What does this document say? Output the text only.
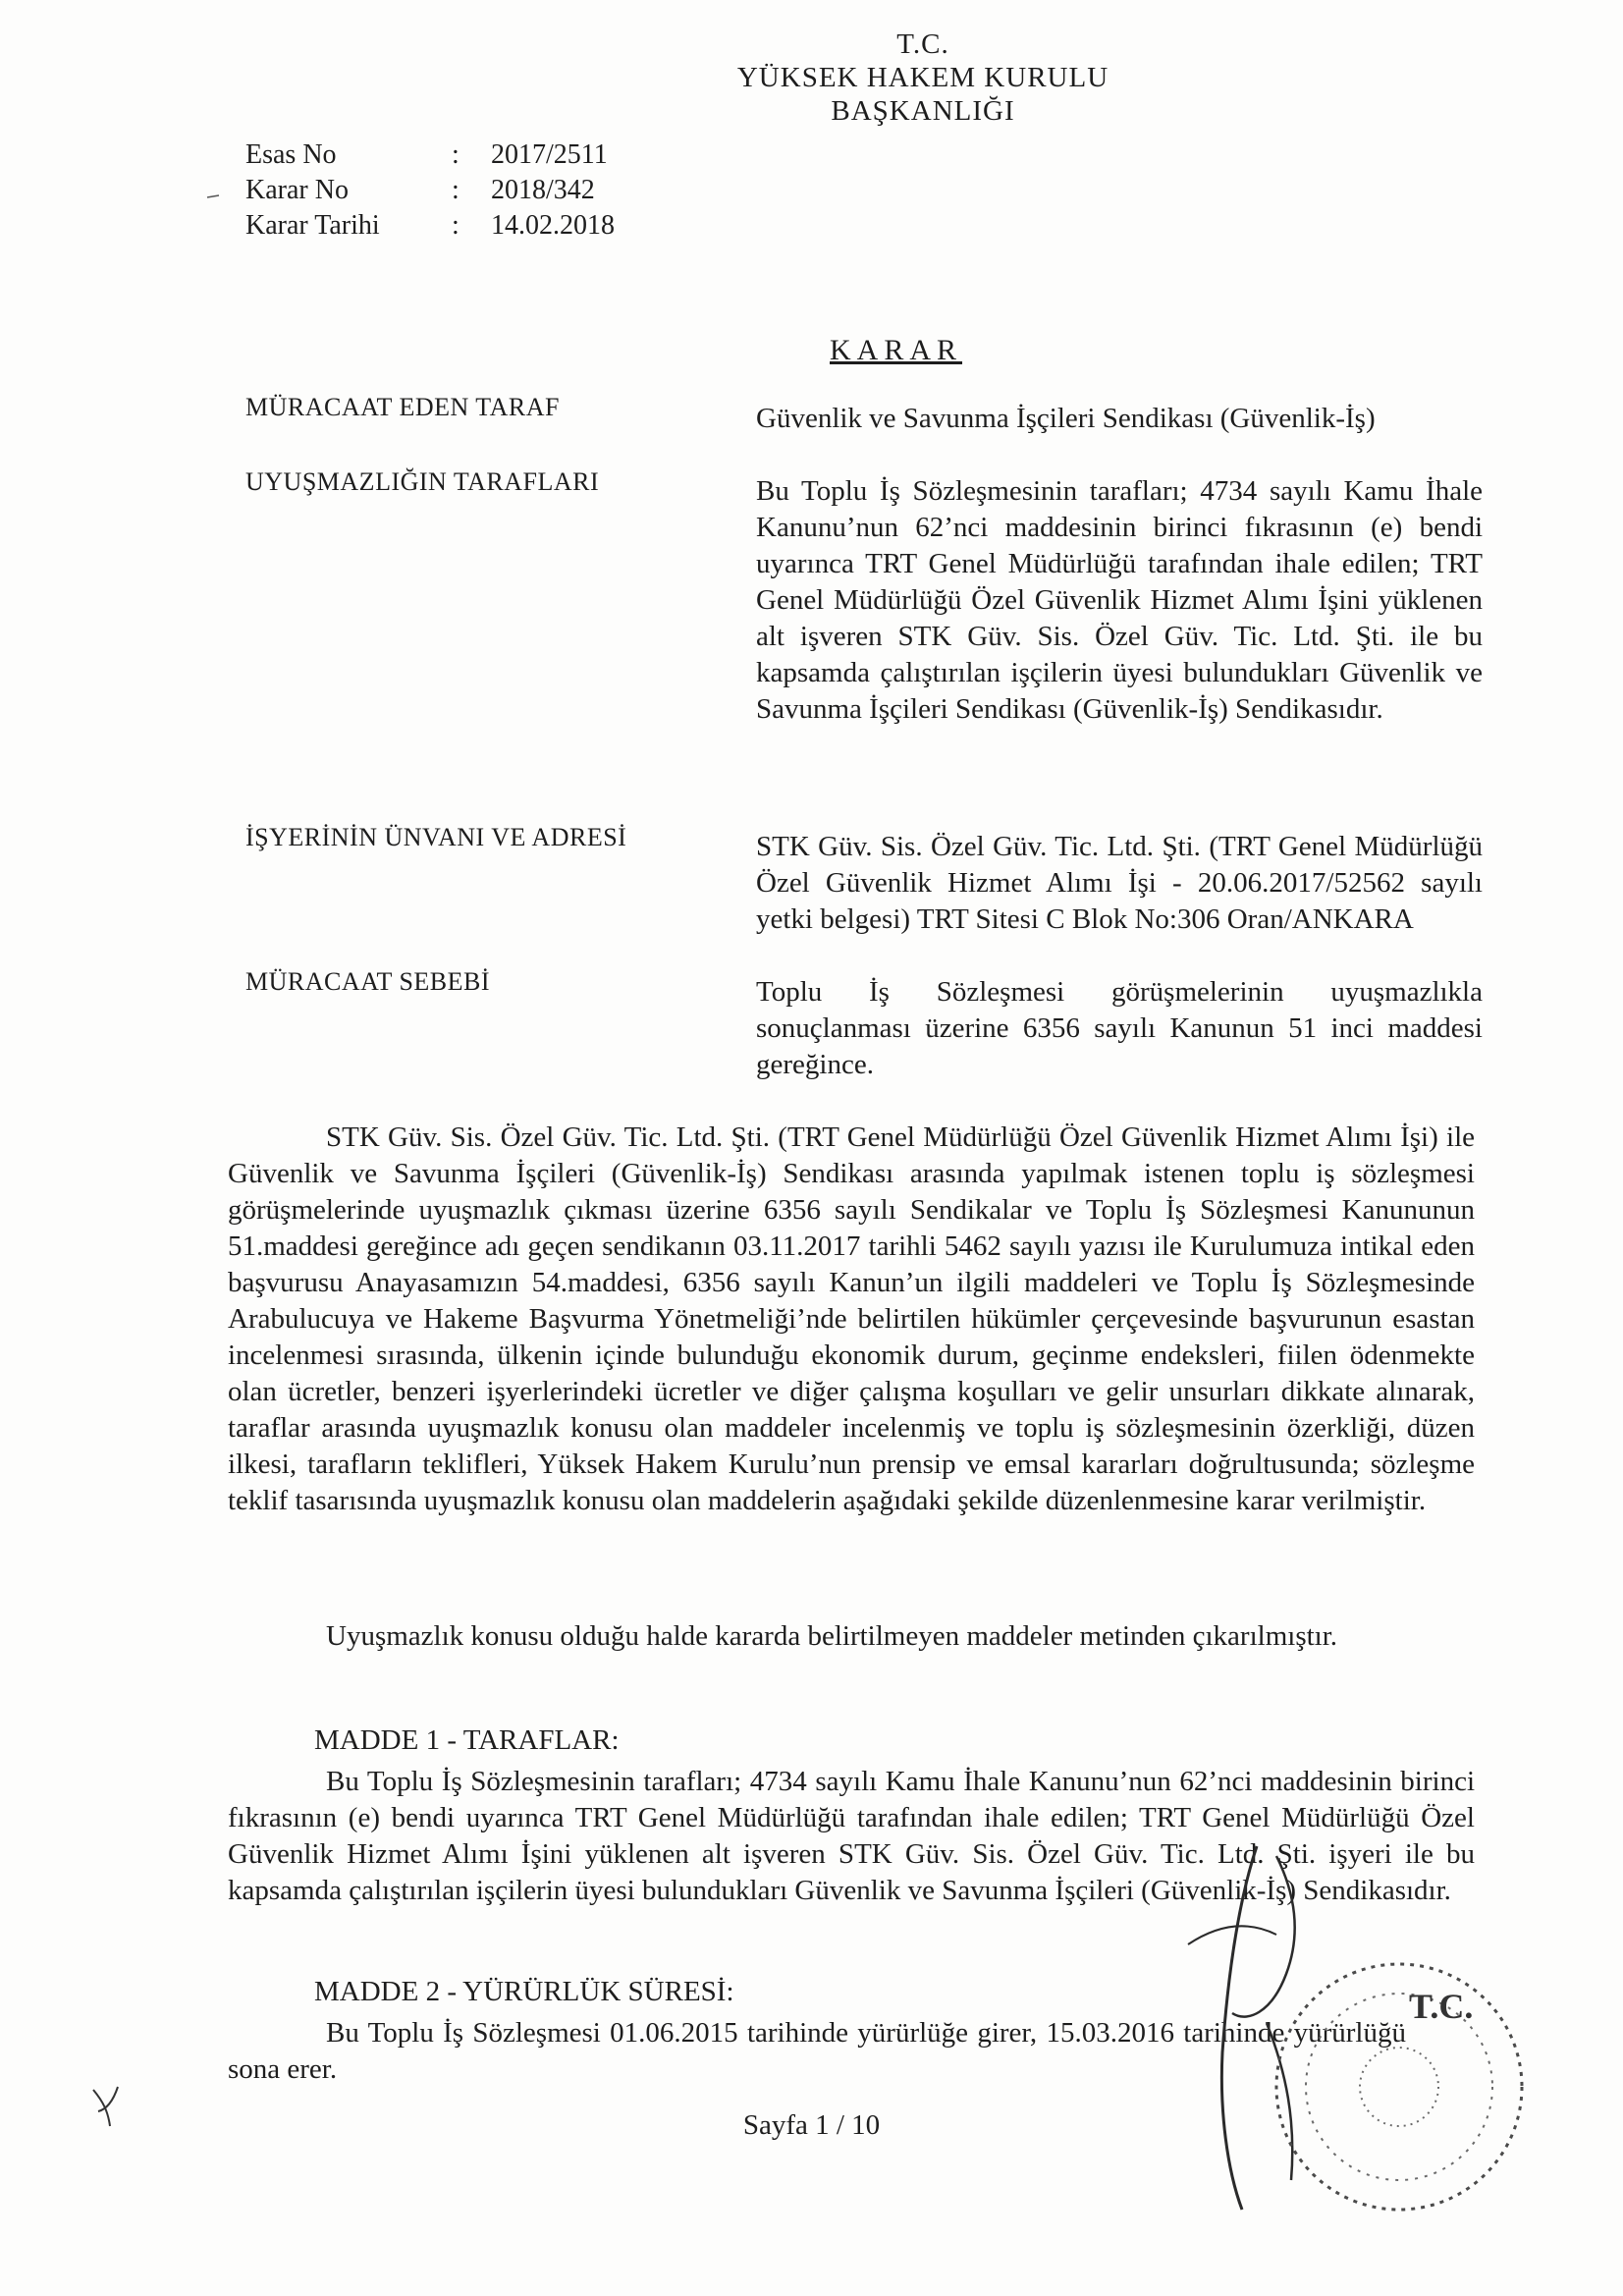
T.C.
YÜKSEK HAKEM KURULU
BAŞKANLIĞI
Esas No	:	2017/2511
Karar No	:	2018/342
Karar Tarihi	:	14.02.2018
KARAR
MÜRACAAT EDEN TARAF	Güvenlik ve Savunma İşçileri Sendikası (Güvenlik-İş)
UYUŞMAZLIĞIN TARAFLARI	Bu Toplu İş Sözleşmesinin tarafları; 4734 sayılı Kamu İhale Kanunu’nun 62’nci maddesinin birinci fıkrasının (e) bendi uyarınca TRT Genel Müdürlüğü tarafından ihale edilen; TRT Genel Müdürlüğü Özel Güvenlik Hizmet Alımı İşini yüklenen alt işveren STK Güv. Sis. Özel Güv. Tic. Ltd. Şti. ile bu kapsamda çalıştırılan işçilerin üyesi bulundukları Güvenlik ve Savunma İşçileri Sendikası (Güvenlik-İş) Sendikasıdır.
İŞYERİNİN ÜNVANI VE ADRESİ	STK Güv. Sis. Özel Güv. Tic. Ltd. Şti. (TRT Genel Müdürlüğü Özel Güvenlik Hizmet Alımı İşi - 20.06.2017/52562 sayılı yetki belgesi) TRT Sitesi C Blok No:306 Oran/ANKARA
MÜRACAAT SEBEBİ	Toplu İş Sözleşmesi görüşmelerinin uyuşmazlıkla sonuçlanması üzerine 6356 sayılı Kanunun 51 inci maddesi gereğince.
STK Güv. Sis. Özel Güv. Tic. Ltd. Şti. (TRT Genel Müdürlüğü Özel Güvenlik Hizmet Alımı İşi) ile Güvenlik ve Savunma İşçileri (Güvenlik-İş) Sendikası arasında yapılmak istenen toplu iş sözleşmesi görüşmelerinde uyuşmazlık çıkması üzerine 6356 sayılı Sendikalar ve Toplu İş Sözleşmesi Kanununun 51.maddesi gereğince adı geçen sendikanın 03.11.2017 tarihli 5462 sayılı yazısı ile Kurulumuza intikal eden başvurusu Anayasamızın 54.maddesi, 6356 sayılı Kanun’un ilgili maddeleri ve Toplu İş Sözleşmesinde Arabulucuya ve Hakeme Başvurma Yönetmeliği’nde belirtilen hükümler çerçevesinde başvurunun esastan incelenmesi sırasında, ülkenin içinde bulunduğu ekonomik durum, geçinme endeksleri, fiilen ödenmekte olan ücretler, benzeri işyerlerindeki ücretler ve diğer çalışma koşulları ve gelir unsurları dikkate alınarak, taraflar arasında uyuşmazlık konusu olan maddeler incelenmiş ve toplu iş sözleşmesinin özerkliği, düzen ilkesi, tarafların teklifleri, Yüksek Hakem Kurulu’nun prensip ve emsal kararları doğrultusunda; sözleşme teklif tasarısında uyuşmazlık konusu olan maddelerin aşağıdaki şekilde düzenlenmesine karar verilmiştir.
Uyuşmazlık konusu olduğu halde kararda belirtilmeyen maddeler metinden çıkarılmıştır.
MADDE 1 - TARAFLAR:
Bu Toplu İş Sözleşmesinin tarafları; 4734 sayılı Kamu İhale Kanunu’nun 62’nci maddesinin birinci fıkrasının (e) bendi uyarınca TRT Genel Müdürlüğü tarafından ihale edilen; TRT Genel Müdürlüğü Özel Güvenlik Hizmet Alımı İşini yüklenen alt işveren STK Güv. Sis. Özel Güv. Tic. Ltd. Şti. işyeri ile bu kapsamda çalıştırılan işçilerin üyesi bulundukları Güvenlik ve Savunma İşçileri (Güvenlik-İş) Sendikasıdır.
MADDE 2 - YÜRÜRLÜK SÜRESİ:
Bu Toplu İş Sözleşmesi 01.06.2015 tarihinde yürürlüğe girer, 15.03.2016 tarihinde yürürlüğü sona erer.
Sayfa 1 / 10
T.C.
